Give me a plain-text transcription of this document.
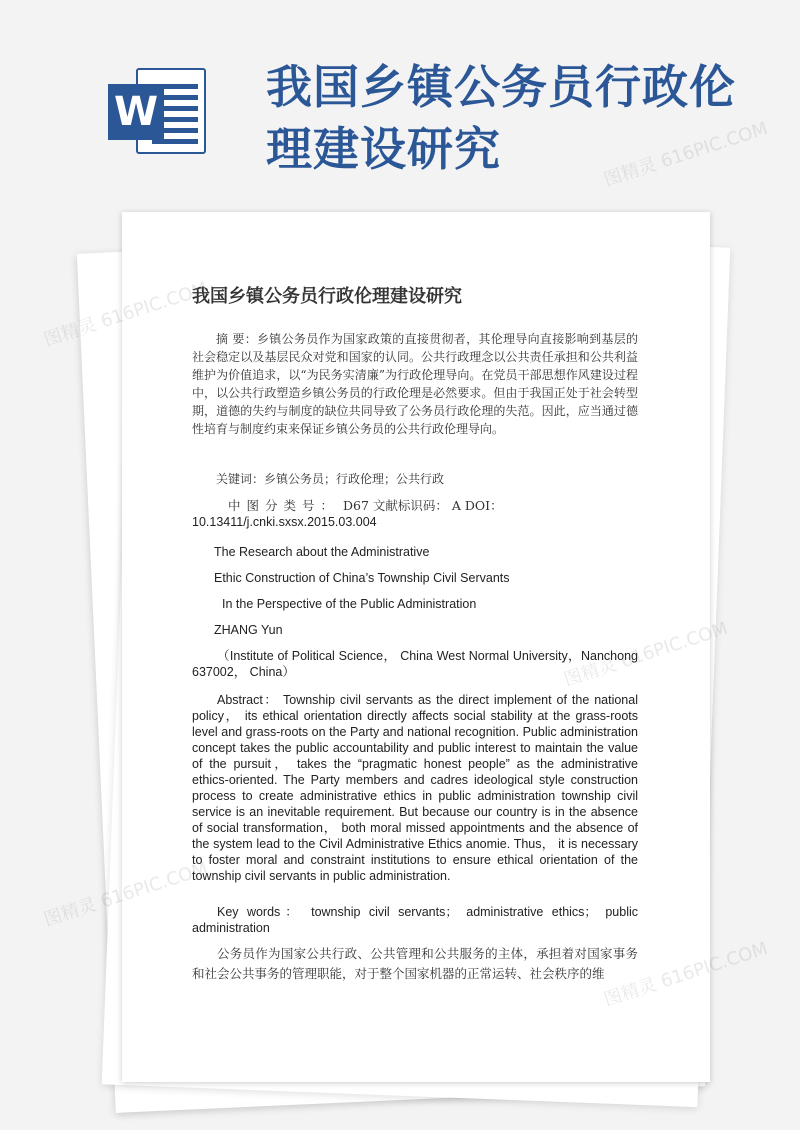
W 我国乡镇公务员行政伦理建设研究
我国乡镇公务员行政伦理建设研究

摘 要：乡镇公务员作为国家政策的直接贯彻者，其伦理导向直接影响到基层的社会稳定以及基层民众对党和国家的认同。公共行政理念以公共责任承担和公共利益维护为价值追求，以“为民务实清廉”为行政伦理导向。在党员干部思想作风建设过程中，以公共行政塑造乡镇公务员的行政伦理是必然要求。但由于我国正处于社会转型期，道德的失约与制度的缺位共同导致了公务员行政伦理的失范。因此，应当通过德性培育与制度约束来保证乡镇公务员的公共行政伦理导向。

关键词：乡镇公务员；行政伦理；公共行政

中图分类号： D67 文献标识码： A DOI：
10.13411/j.cnki.sxsx.2015.03.004
The Research about the Administrative
Ethic Construction of China’s Township Civil Servants
In the Perspective of the Public Administration
ZHANG Yun

（Institute of Political Science， China West Normal University，Nanchong 637002， China）

Abstract： Township civil servants as the direct implement of the national policy， its ethical orientation directly affects social stability at the grass-roots level and grass-roots on the Party and national recognition. Public administration concept takes the public accountability and public interest to maintain the value of the pursuit， takes the “pragmatic honest people” as the administrative ethics-oriented. The Party members and cadres ideological style construction process to create administrative ethics in public administration township civil service is an inevitable requirement. But because our country is in the absence of social transformation， both moral missed appointments and the absence of the system lead to the Civil Administrative Ethics anomie. Thus， it is necessary to foster moral and constraint institutions to ensure ethical orientation of the township civil servants in public administration.

Key words： township civil servants； administrative ethics； public administration

公务员作为国家公共行政、公共管理和公共服务的主体，承担着对国家事务和社会公共事务的管理职能，对于整个国家机器的正常运转、社会秩序的维

图精灵
图精灵 616PIC.COM
图精灵
616PIC.COM
